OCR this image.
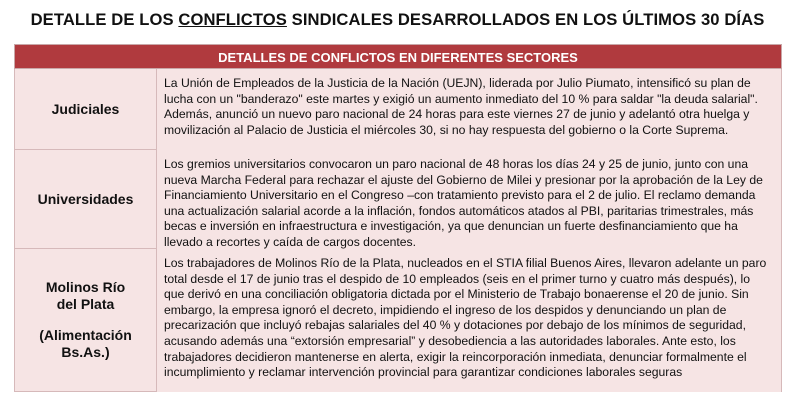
DETALLE DE LOS CONFLICTOS SINDICALES DESARROLLADOS EN LOS ÚLTIMOS 30 DÍAS
DETALLES DE CONFLICTOS EN DIFERENTES SECTORES
Judiciales
La Unión de Empleados de la Justicia de la Nación (UEJN), liderada por Julio Piumato, intensificó su plan de lucha con un "banderazo" este martes y exigió un aumento inmediato del 10 % para saldar "la deuda salarial". Además, anunció un nuevo paro nacional de 24 horas para este viernes 27 de junio y adelantó otra huelga y movilización al Palacio de Justicia el miércoles 30, si no hay respuesta del gobierno o la Corte Suprema.
Universidades
Los gremios universitarios convocaron un paro nacional de 48 horas los días 24 y 25 de junio, junto con una nueva Marcha Federal para rechazar el ajuste del Gobierno de Milei y presionar por la aprobación de la Ley de Financiamiento Universitario en el Congreso –con tratamiento previsto para el 2 de julio. El reclamo demanda una actualización salarial acorde a la inflación, fondos automáticos atados al PBI, paritarias trimestrales, más becas e inversión en infraestructura e investigación, ya que denuncian un fuerte desfinanciamiento que ha llevado a recortes y caída de cargos docentes.
Molinos Río
del Plata
(Alimentación
Bs.As.)
Los trabajadores de Molinos Río de la Plata, nucleados en el STIA filial Buenos Aires, llevaron adelante un paro total desde el 17 de junio tras el despido de 10 empleados (seis en el primer turno y cuatro más después), lo que derivó en una conciliación obligatoria dictada por el Ministerio de Trabajo bonaerense el 20 de junio. Sin embargo, la empresa ignoró el decreto, impidiendo el ingreso de los despidos y denunciando un plan de precarización que incluyó rebajas salariales del 40 % y dotaciones por debajo de los mínimos de seguridad, acusando además una “extorsión empresarial” y desobediencia a las autoridades laborales. Ante esto, los trabajadores decidieron mantenerse en alerta, exigir la reincorporación inmediata, denunciar formalmente el incumplimiento y reclamar intervención provincial para garantizar condiciones laborales seguras
